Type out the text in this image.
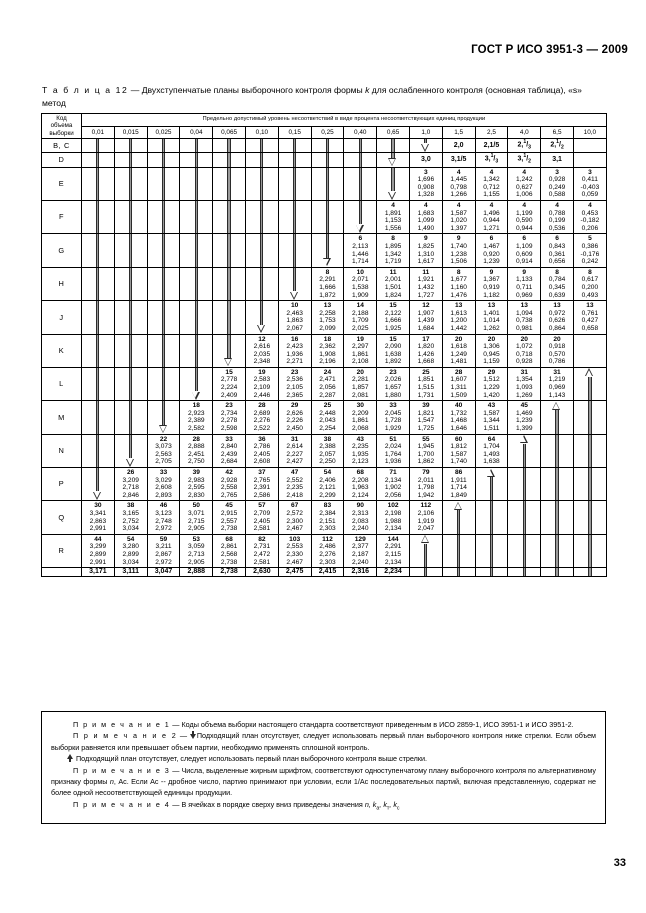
ГОСТ Р ИСО 3951-3 — 2009
Т а б л и ц а 12 — Двухступенчатые планы выборочного контроля формы k для ослабленного контроля (основная таблица), «s» метод
Код
объема
выборки	Предельно допустимый уровень несоответствий в виде процента несоответствующих единиц продукции															
	0,01	0,015	0,025	0,04	0,065	0,10	0,15	0,25	0,40	0,65	1,0	1,5	2,5	4,0	6,5	10,0
B, C												2,0	2,1/5	$2,^1/_3$	$2,^1/_2$	
D											3,0	3,1/5	$3,^1/_3$	$3,^1/_2$	3,1	
E											3
1,696
0,908
1,328	4
1,445
0,798
1,266	4
1,342
0,712
1,155	4
1,242
0,627
1,006	3
0,928
0,249
0,588	3
0,411
-0,403
0,059

F										4
1,891
1,153
1,556	4
1,683
1,099
1,490	4
1,587
1,020
1,397	4
1,496
0,944
1,271	4
1,199
0,590
0,944	4
0,788
0,199
0,536	4
0,453
-0,182
0,206

G									6
2,113
1,446
1,714	8
1,895
1,342
1,719	9
1,825
1,310
1,617	9
1,740
1,238
1,506	6
1,467
0,920
1,239	6
1,109
0,609
0,914	6
0,843
0,361
0,656	5
0,386
-0,176
0,242

H								8
2,291
1,666
1,872	10
2,071
1,538
1,909	11
2,001
1,501
1,824	11
1,921
1,432
1,727	8
1,677
1,160
1,476	9
1,367
0,919
1,182	9
1,133
0,711
0,969	8
0,784
0,345
0,639	8
0,617
0,200
0,493

J							10
2,463
1,863
2,067	13
2,258
1,753
2,099	14
2,188
1,709
2,025	15
2,122
1,666
1,925	12
1,907
1,439
1,684	13
1,613
1,200
1,442	13
1,401
1,014
1,262	13
1,094
0,738
0,981	13
0,972
0,626
0,864	13
0,761
0,427
0,658

K						12
2,616
2,035
2,348	16
2,423
1,936
2,271	18
2,362
1,908
2,196	19
2,297
1,861
2,108	15
2,090
1,638
1,892	17
1,820
1,426
1,668	20
1,618
1,249
1,481	20
1,306
0,945
1,159	20
1,072
0,718
0,928	20
0,918
0,570
0,786	

L					15
2,778
2,224
2,409	19
2,583
2,109
2,446	23
2,536
2,105
2,365	24
2,471
2,056
2,287	20
2,281
1,857
2,081	23
2,026
1,657
1,880	25
1,851
1,515
1,731	28
1,607
1,311
1,509	29
1,512
1,229
1,420	31
1,354
1,093
1,269	31
1,219
0,969
1,143	

M				18
2,923
2,389
2,582	23
2,734
2,278
2,598	28
2,689
2,276
2,522	29
2,626
2,226
2,450	25
2,448
2,043
2,254	30
2,209
1,861
2,068	33
2,045
1,728
1,929	39
1,821
1,547
1,725	40
1,732
1,468
1,646	43
1,587
1,344
1,511	45
1,469
1,239
1,399		

N			22
3,073
2,563
2,705	28
2,888
2,451
2,750	33
2,840
2,439
2,684	36
2,786
2,405
2,608	31
2,614
2,227
2,427	38
2,388
2,057
2,250	43
2,235
1,935
2,123	51
2,024
1,764
1,936	55
1,945
1,700
1,862	60
1,812
1,587
1,740	64
1,704
1,493
1,638			

P		26
3,209
2,718
2,846	33
3,029
2,608
2,893	39
2,983
2,595
2,830	42
2,928
2,558
2,765	37
2,765
2,391
2,586	47
2,552
2,235
2,418	54
2,406
2,121
2,299	68
2,208
1,963
2,124	71
2,134
1,902
2,056	79
2,011
1,798
1,942	86
1,911
1,714
1,849				

Q	30
3,341
2,863
2,991	38
3,165
2,752
3,034	46
3,123
2,748
2,972	50
3,071
2,715
2,905	45
2,915
2,557
2,738	57
2,709
2,405
2,581	67
2,572
2,300
2,467	83
2,384
2,151
2,303	90
2,313
2,083
2,240	102
2,198
1,988
2,134	112
2,106
1,919
2,047					

R	44
3,299
2,899
2,991	54
3,280
2,899
3,034	59
3,211
2,867
2,972	53
3,059
2,713
2,905	68
2,861
2,568
2,738	82
2,731
2,472
2,581	103
2,553
2,330
2,467	112
2,486
2,276
2,303	129
2,377
2,187
2,240	144
2,291
2,115
2,134						

	3,171	3,111	3,047	2,888	2,738	2,630	2,475	2,415	2,316	2,234	

П р и м е ч а н и е 1 — Коды объема выборки настоящего стандарта соответствуют приведенным в ИСО 2859-1, ИСО 3951-1 и ИСО 3951-2.

П р и м е ч а н и е 2 — Подходящий план отсутствует, следует использовать первый план выборочного контроля ниже стрелки. Если объем выборки равняется или превышает объем партии, необходимо применять сплошной контроль.

Подходящий план отсутствует, следует использовать первый план выборочного контроля выше стрелки.

П р и м е ч а н и е 3 — Числа, выделенные жирным шрифтом, соответствуют одноступенчатому плану выборочного контроля по альтернативному признаку формы n, Ас. Если Ас -- дробное число, партию принимают при условии, если 1/Ас последовательных партий, включая представленную, содержат не более одной несоответствующей единицы продукции.

П р и м е ч а н и е 4 — В ячейках в порядке сверху вниз приведены значения n, $k_a$, $k_т$, $k_c$

33
